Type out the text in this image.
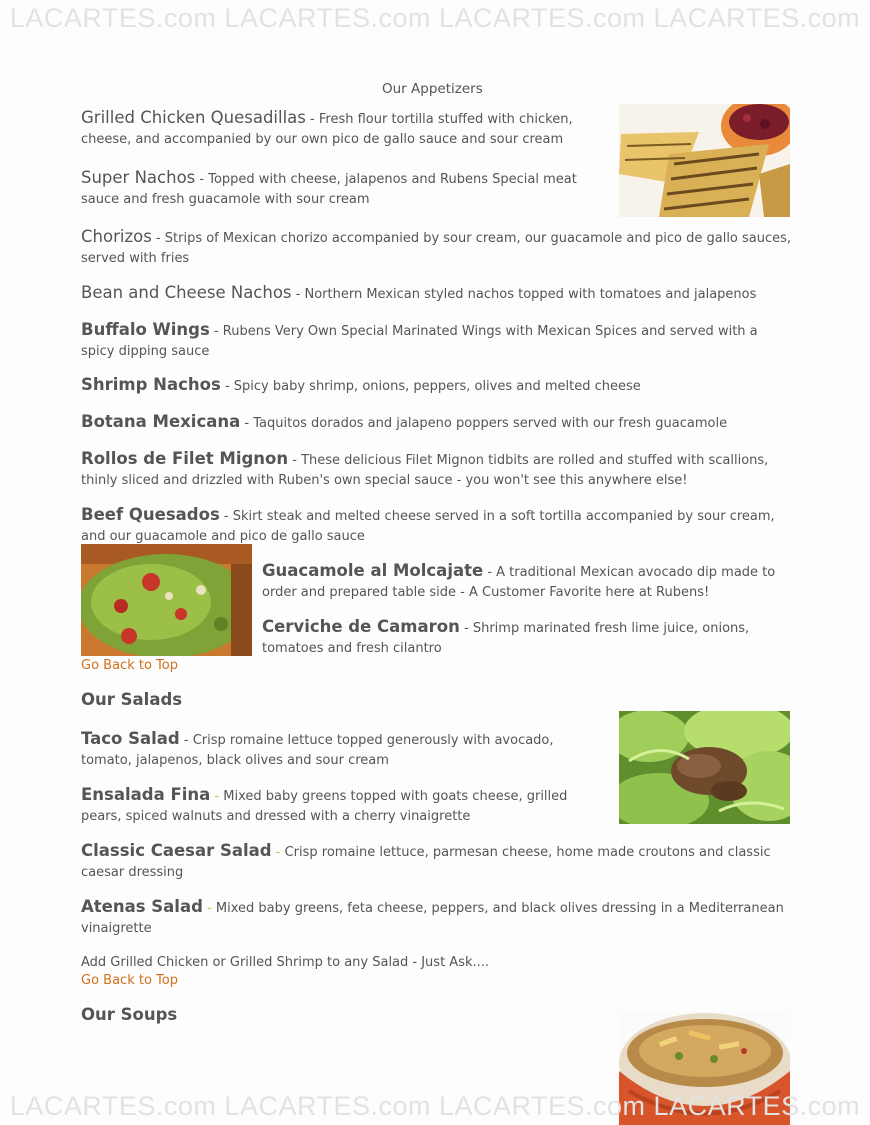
LACARTES.com LACARTES.com LACARTES.com LACARTES.com
Our Appetizers
Grilled Chicken Quesadillas - Fresh flour tortilla stuffed with chicken, cheese, and accompanied by our own pico de gallo sauce and sour cream
Super Nachos - Topped with cheese, jalapenos and Rubens Special meat sauce and fresh guacamole with sour cream
Chorizos - Strips of Mexican chorizo accompanied by sour cream, our guacamole and pico de gallo sauces, served with fries
Bean and Cheese Nachos - Northern Mexican styled nachos topped with tomatoes and jalapenos
Buffalo Wings - Rubens Very Own Special Marinated Wings with Mexican Spices and served with a spicy dipping sauce
Shrimp Nachos - Spicy baby shrimp, onions, peppers, olives and melted cheese
Botana Mexicana - Taquitos dorados and jalapeno poppers served with our fresh guacamole
Rollos de Filet Mignon - These delicious Filet Mignon tidbits are rolled and stuffed with scallions, thinly sliced and drizzled with Ruben's own special sauce - you won't see this anywhere else!
Beef Quesados - Skirt steak and melted cheese served in a soft tortilla accompanied by sour cream, and our guacamole and pico de gallo sauce
Guacamole al Molcajate - A traditional Mexican avocado dip made to order and prepared table side - A Customer Favorite here at Rubens!
Cerviche de Camaron - Shrimp marinated fresh lime juice, onions, tomatoes and fresh cilantro
Go Back to Top
Our Salads
Taco Salad - Crisp romaine lettuce topped generously with avocado, tomato, jalapenos, black olives and sour cream
Ensalada Fina - Mixed baby greens topped with goats cheese, grilled pears, spiced walnuts and dressed with a cherry vinaigrette
Classic Caesar Salad - Crisp romaine lettuce, parmesan cheese, home made croutons and classic caesar dressing
Atenas Salad - Mixed baby greens, feta cheese, peppers, and black olives dressing in a Mediterranean vinaigrette
Add Grilled Chicken or Grilled Shrimp to any Salad - Just Ask....
Go Back to Top
Our Soups
LACARTES.com LACARTES.com LACARTES.com LACARTES.com
